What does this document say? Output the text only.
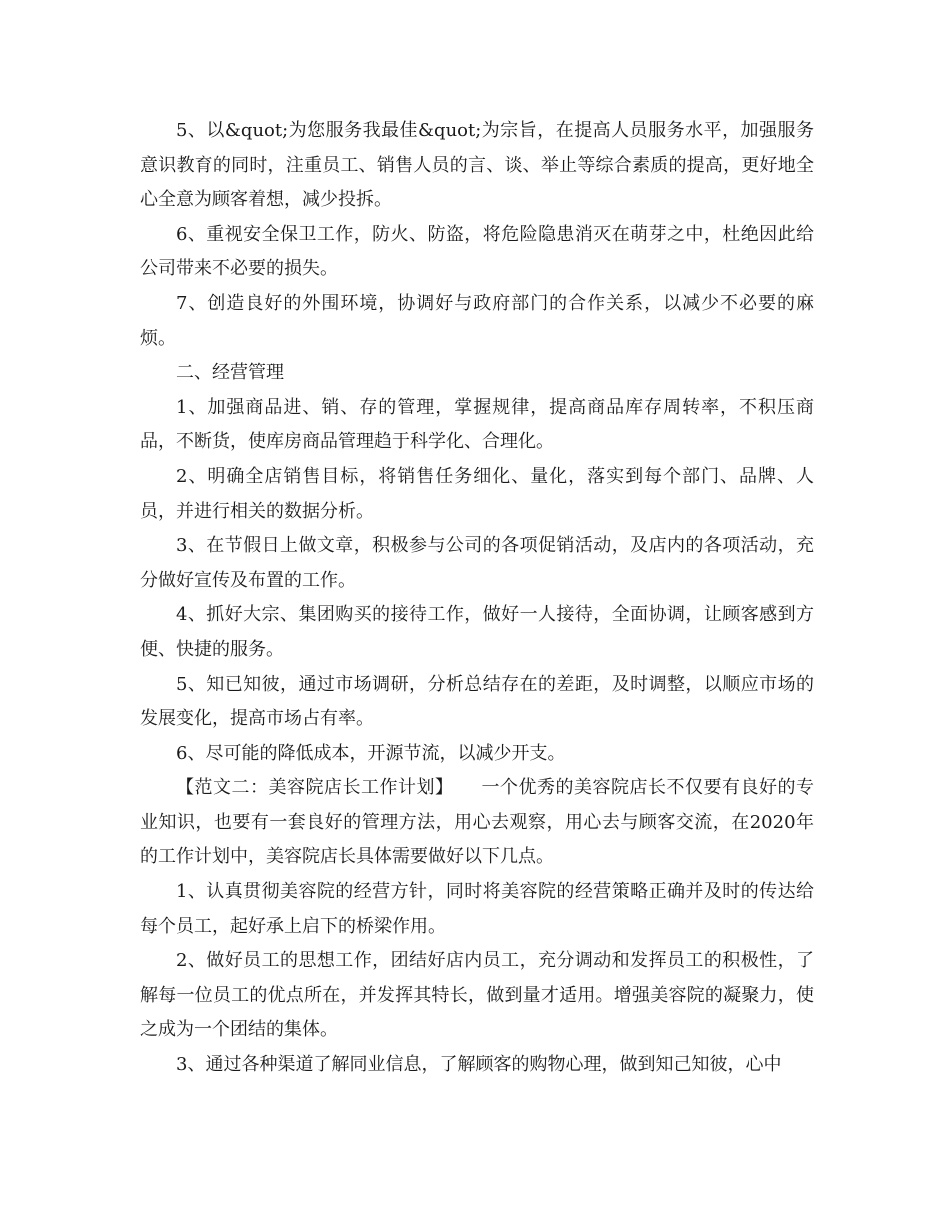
5、以&quot;为您服务我最佳&quot;为宗旨，在提高人员服务水平，加强服务意识教育的同时，注重员工、销售人员的言、谈、举止等综合素质的提高，更好地全心全意为顾客着想，减少投拆。

6、重视安全保卫工作，防火、防盗，将危险隐患消灭在萌芽之中，杜绝因此给公司带来不必要的损失。

7、创造良好的外围环境，协调好与政府部门的合作关系，以减少不必要的麻烦。

二、经营管理

1、加强商品进、销、存的管理，掌握规律，提高商品库存周转率，不积压商品，不断货，使库房商品管理趋于科学化、合理化。

2、明确全店销售目标，将销售任务细化、量化，落实到每个部门、品牌、人员，并进行相关的数据分析。

3、在节假日上做文章，积极参与公司的各项促销活动，及店内的各项活动，充分做好宣传及布置的工作。

4、抓好大宗、集团购买的接待工作，做好一人接待，全面协调，让顾客感到方便、快捷的服务。

5、知已知彼，通过市场调研，分析总结存在的差距，及时调整，以顺应市场的发展变化，提高市场占有率。

6、尽可能的降低成本，开源节流，以减少开支。

【范文二：美容院店长工作计划】　　一个优秀的美容院店长不仅要有良好的专业知识，也要有一套良好的管理方法，用心去观察，用心去与顾客交流，在2020年的工作计划中，美容院店长具体需要做好以下几点。

1、认真贯彻美容院的经营方针，同时将美容院的经营策略正确并及时的传达给每个员工，起好承上启下的桥梁作用。

2、做好员工的思想工作，团结好店内员工，充分调动和发挥员工的积极性，了解每一位员工的优点所在，并发挥其特长，做到量才适用。增强美容院的凝聚力，使之成为一个团结的集体。

3、通过各种渠道了解同业信息，了解顾客的购物心理，做到知己知彼，心中
